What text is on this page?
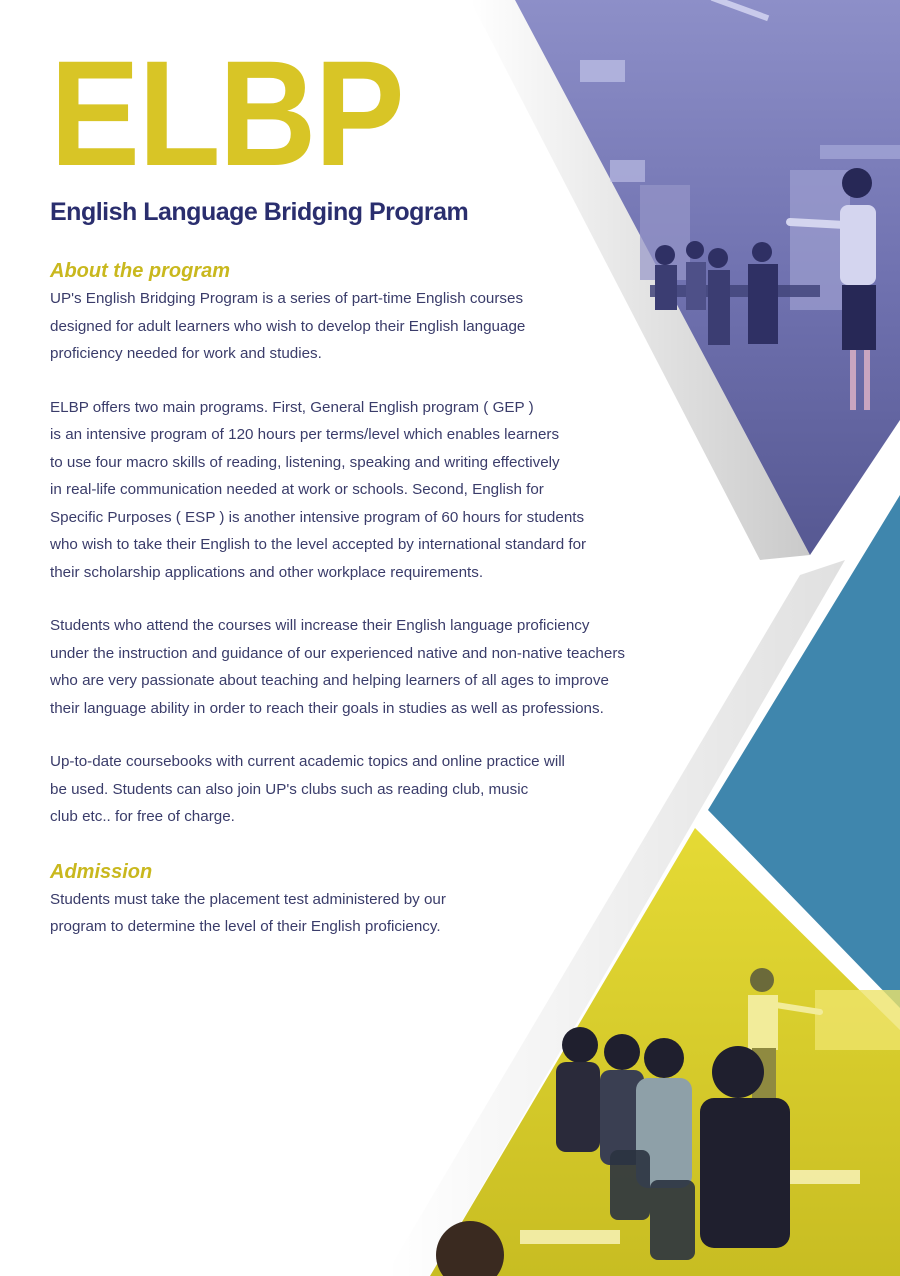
ELBP
English Language Bridging Program
About the program

UP's English Bridging Program is a series of part-time English courses
designed for adult learners who wish to develop their English language
proficiency needed for work and studies.

ELBP offers two main programs. First, General English program ( GEP )
is an intensive program of 120 hours per terms/level which enables learners
to use four macro skills of reading, listening, speaking and writing effectively
in real-life communication needed at work or schools. Second, English for
Specific Purposes ( ESP ) is another intensive program of 60 hours for students
who wish to take their English to the level accepted by international standard for
their scholarship applications and other workplace requirements.

Students who attend the courses will increase their English language proficiency
under the instruction and guidance of our experienced native and non-native teachers
who are very passionate about teaching and helping learners of all ages to improve
their language ability in order to reach their goals in studies as well as professions.

Up-to-date coursebooks with current academic topics and online practice will
be used. Students can also join UP's clubs such as reading club, music
club etc.. for free of charge.

Admission

Students must take the placement test administered by our
program to determine the level of their English proficiency.
